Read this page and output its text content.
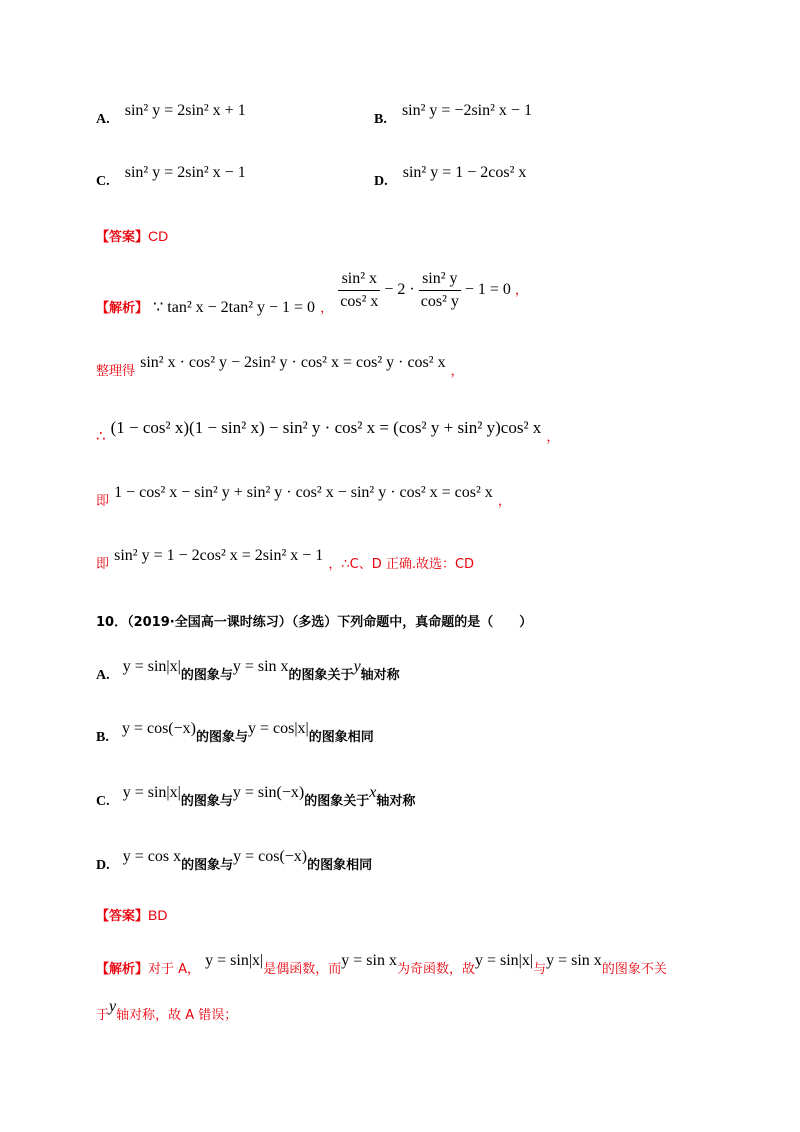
A. sin² y = 2sin² x + 1
B. sin² y = −2sin² x − 1
C. sin² y = 2sin² x − 1
D. sin² y = 1 − 2cos² x
【答案】CD
$_{【解析】}$ ∵ tan² x − 2tan² y − 1 = 0 $_, \frac{\text{sin² x}}{\text{cos² x}} - 2 \cdot \frac{\text{sin² y}}{\text{cos² y}} - 1 = 0$ ，
$_{整理得}$ sin² x · cos² y − 2sin² y · cos² x = cos² y · cos² x $_,$
∴ (1 − cos² x)(1 − sin² x) − sin² y · cos² x = (cos² y + sin² y)cos² x $_,$
$_即$ 1 − cos² x − sin² y + sin² y · cos² x − sin² y · cos² x = cos² x $_,$
$_即$ sin² y = 1 − 2cos² x = 2sin² x − 1 $_{,\therefore C、D 正确.故选:CD}$
10．（2019·全国高一课时练习）（多选）下列命题中，真命题的是（　　）
A. $y = \sin|x|_{的图象与}y = \sin x_{的图象关于}y_{轴对称}$
B. $y = \cos(-x)_{的图象与}y = \cos|x|_{的图象相同}$
C. $y = \sin|x|_{的图象与}y = \sin(-x)_{的图象关于}x_{轴对称}$
D. $y = \cos x_{的图象与}y = \cos(-x)_{的图象相同}$
【答案】BD
$_{【解析】对于 A,}$ $y = \sin|x|_{是偶函数,而}y = \sin x_{为奇函数,故}y = \sin|x|_与y = \sin x_{的图象不关}$
$_于y_{轴对称,故 A 错误;}$
